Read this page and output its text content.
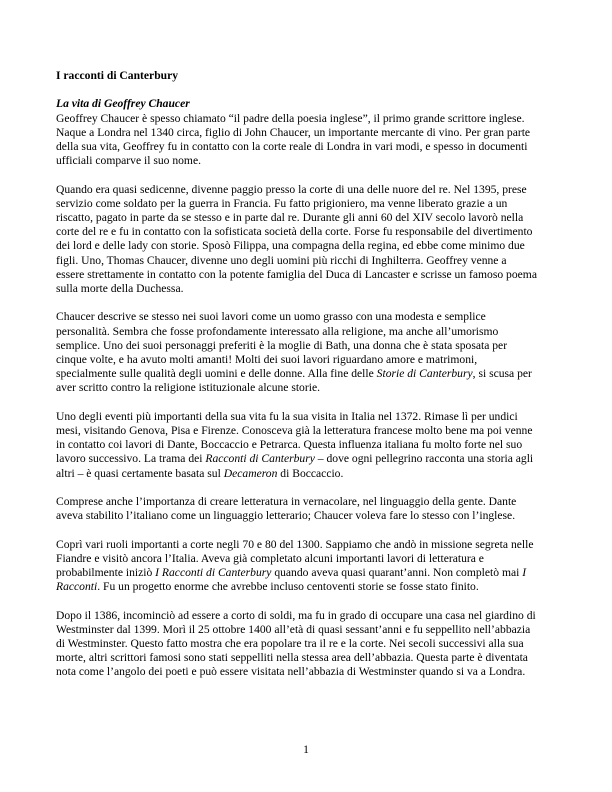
I racconti di Canterbury
La vita di Geoffrey Chaucer

Geoffrey Chaucer è spesso chiamato “il padre della poesia inglese”, il primo grande scrittore inglese.
Naque a Londra nel 1340 circa, figlio di John Chaucer, un importante mercante di vino. Per gran parte
della sua vita, Geoffrey fu in contatto con la corte reale di Londra in vari modi, e spesso in documenti
ufficiali comparve il suo nome.

Quando era quasi sedicenne, divenne paggio presso la corte di una delle nuore del re. Nel 1395, prese
servizio come soldato per la guerra in Francia. Fu fatto prigioniero, ma venne liberato grazie a un
riscatto, pagato in parte da se stesso e in parte dal re. Durante gli anni 60 del XIV secolo lavorò nella
corte del re e fu in contatto con la sofisticata società della corte. Forse fu responsabile del divertimento
dei lord e delle lady con storie. Sposò Filippa, una compagna della regina, ed ebbe come minimo due
figli. Uno, Thomas Chaucer, divenne uno degli uomini più ricchi di Inghilterra. Geoffrey venne a
essere strettamente in contatto con la potente famiglia del Duca di Lancaster e scrisse un famoso poema
sulla morte della Duchessa.

Chaucer descrive se stesso nei suoi lavori come un uomo grasso con una modesta e semplice
personalità. Sembra che fosse profondamente interessato alla religione, ma anche all’umorismo
semplice. Uno dei suoi personaggi preferiti è la moglie di Bath, una donna che è stata sposata per
cinque volte, e ha avuto molti amanti! Molti dei suoi lavori riguardano amore e matrimoni,
specialmente sulle qualità degli uomini e delle donne. Alla fine delle Storie di Canterbury, si scusa per
aver scritto contro la religione istituzionale alcune storie.

Uno degli eventi più importanti della sua vita fu la sua visita in Italia nel 1372. Rimase lì per undici
mesi, visitando Genova, Pisa e Firenze. Conosceva già la letteratura francese molto bene ma poi venne
in contatto coi lavori di Dante, Boccaccio e Petrarca. Questa influenza italiana fu molto forte nel suo
lavoro successivo. La trama dei Racconti di Canterbury – dove ogni pellegrino racconta una storia agli
altri – è quasi certamente basata sul Decameron di Boccaccio.

Comprese anche l’importanza di creare letteratura in vernacolare, nel linguaggio della gente. Dante
aveva stabilito l’italiano come un linguaggio letterario; Chaucer voleva fare lo stesso con l’inglese.

Coprì vari ruoli importanti a corte negli 70 e 80 del 1300. Sappiamo che andò in missione segreta nelle
Fiandre e visitò ancora l’Italia. Aveva già completato alcuni importanti lavori di letteratura e
probabilmente iniziò I Racconti di Canterbury quando aveva quasi quarant’anni. Non completò mai I
Racconti. Fu un progetto enorme che avrebbe incluso centoventi storie se fosse stato finito.

Dopo il 1386, incominciò ad essere a corto di soldi, ma fu in grado di occupare una casa nel giardino di
Westminster dal 1399. Morì il 25 ottobre 1400 all’età di quasi sessant’anni e fu seppellito nell’abbazia
di Westminster. Questo fatto mostra che era popolare tra il re e la corte. Nei secoli successivi alla sua
morte, altri scrittori famosi sono stati seppelliti nella stessa area dell’abbazia. Questa parte è diventata
nota come l’angolo dei poeti e può essere visitata nell’abbazia di Westminster quando si va a Londra.

1
